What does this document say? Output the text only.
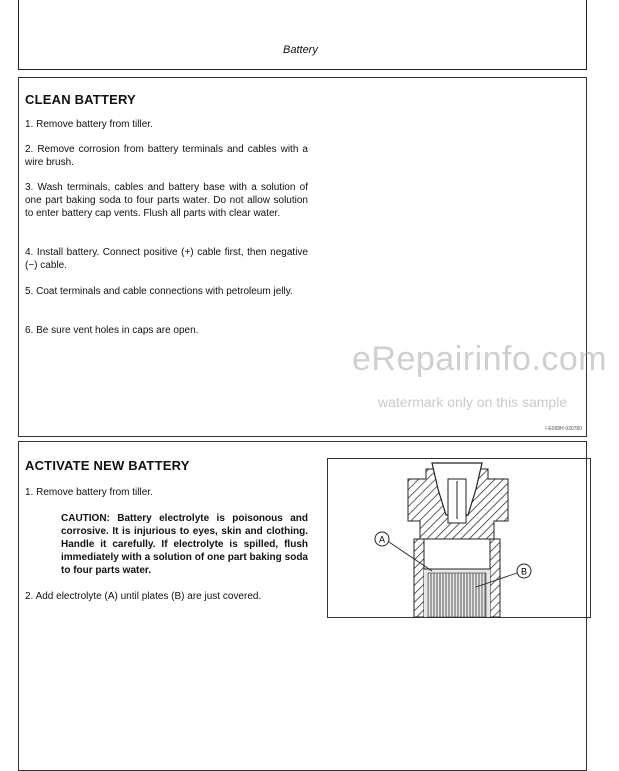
Battery
CLEAN BATTERY
1. Remove battery from tiller.
2. Remove corrosion from battery terminals and cables with a wire brush.
3. Wash terminals, cables and battery base with a solution of one part baking soda to four parts water. Do not allow solution to enter battery cap vents. Flush all parts with clear water.
4. Install battery. Connect positive (+) cable first, then negative (−) cable.
5. Coat terminals and cable connections with petroleum jelly.
6. Be sure vent holes in caps are open.
I-E068H-930780
eRepairinfo.com
watermark only on this sample
ACTIVATE NEW BATTERY
1. Remove battery from tiller.
CAUTION: Battery electrolyte is poisonous and corrosive. It is injurious to eyes, skin and clothing. Handle it carefully. If electrolyte is spilled, flush immediately with a solution of one part baking soda to four parts water.
2. Add electrolyte (A) until plates (B) are just covered.
A
B
